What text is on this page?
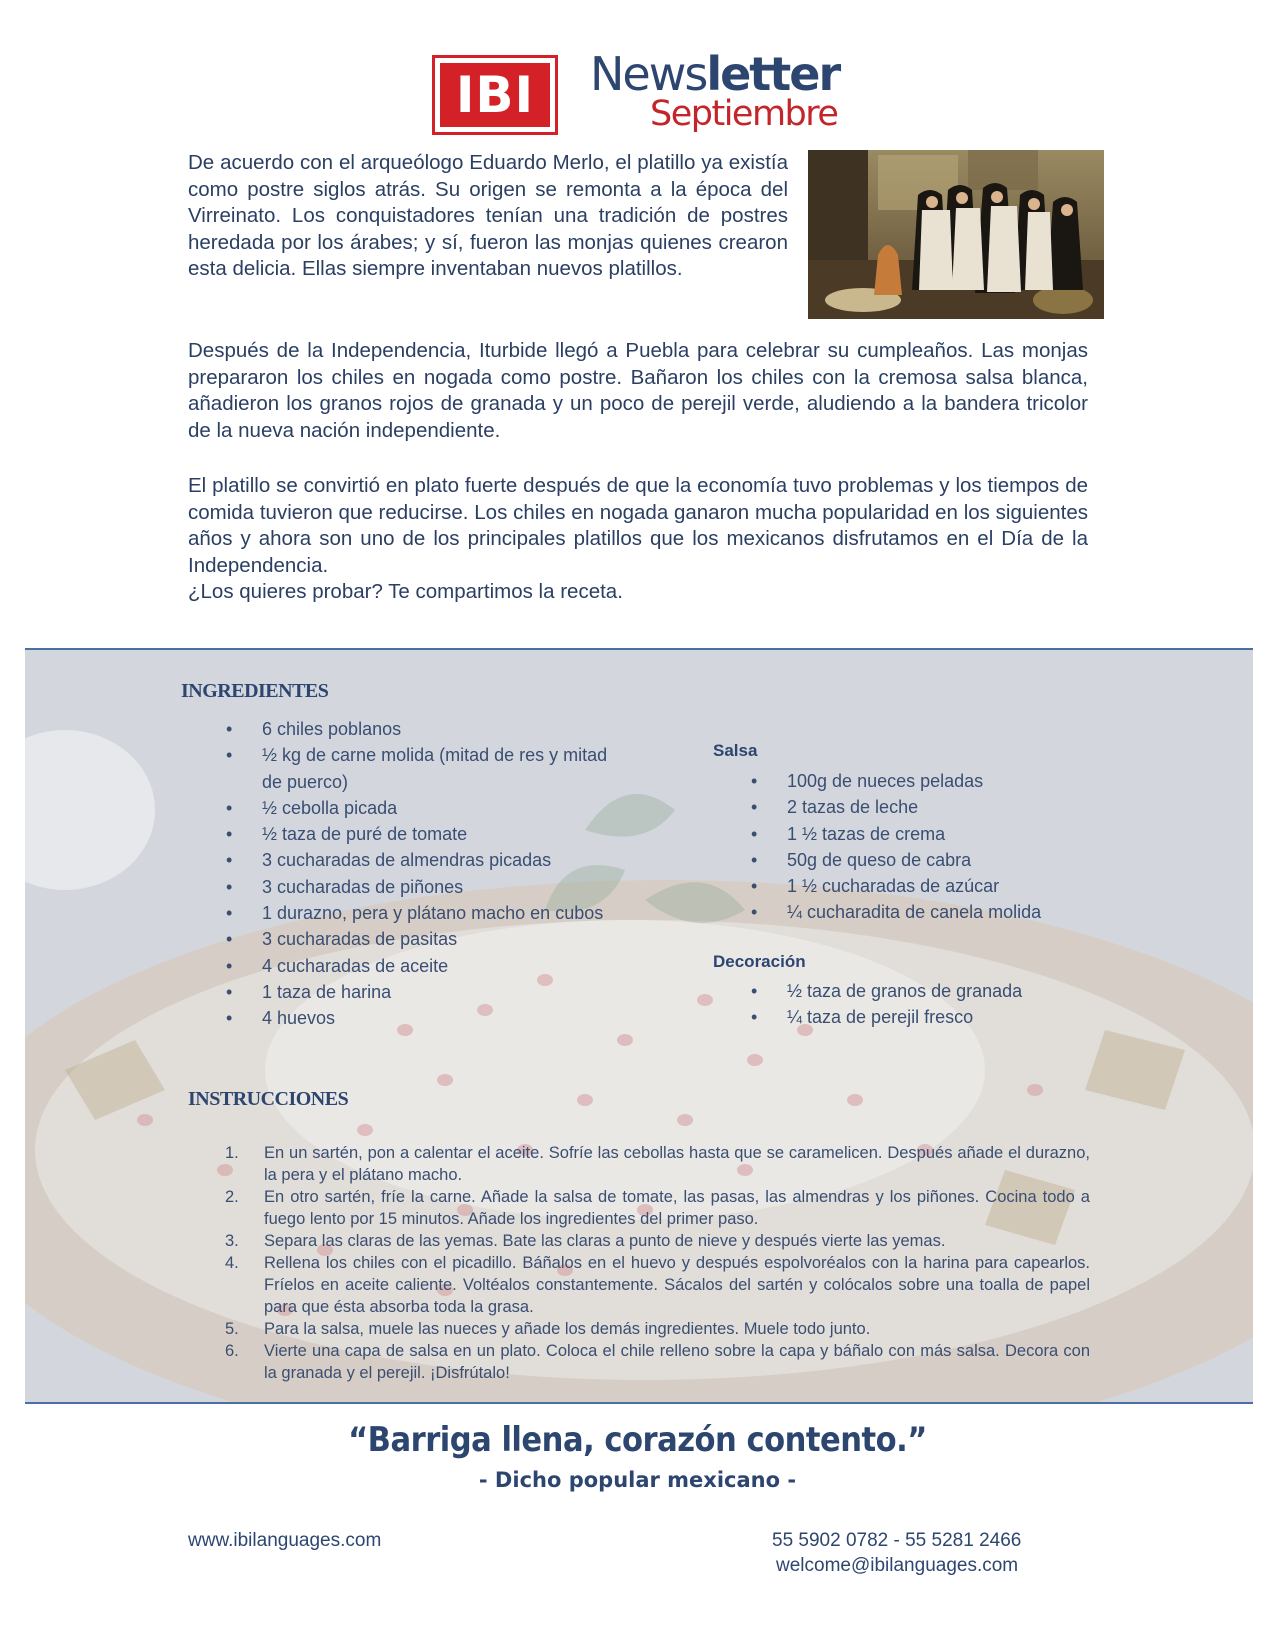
IBI	Newsletter
Septiembre

De acuerdo con el arqueólogo Eduardo Merlo, el platillo ya existía como postre siglos atrás. Su origen se remonta a la época del Virreinato. Los conquistadores tenían una tradición de postres heredada por los árabes; y sí, fueron las monjas quienes crearon esta delicia. Ellas siempre inventaban nuevos platillos.

Después de la Independencia, Iturbide llegó a Puebla para celebrar su cumpleaños. Las monjas prepararon los chiles en nogada como postre. Bañaron los chiles con la cremosa salsa blanca, añadieron los granos rojos de granada y un poco de perejil verde, aludiendo a la bandera tricolor de la nueva nación independiente.

El platillo se convirtió en plato fuerte después de que la economía tuvo problemas y los tiempos de comida tuvieron que reducirse. Los chiles en nogada ganaron mucha popularidad en los siguientes años y ahora son uno de los principales platillos que los mexicanos disfrutamos en el Día de la Independencia.

¿Los quieres probar? Te compartimos la receta.

INGREDIENTES
• 6 chiles poblanos
• ½ kg de carne molida (mitad de res y mitad de puerco)
• ½ cebolla picada
• ½ taza de puré de tomate
• 3 cucharadas de almendras picadas
• 3 cucharadas de piñones
• 1 durazno, pera y plátano macho en cubos
• 3 cucharadas de pasitas
• 4 cucharadas de aceite
• 1 taza de harina
• 4 huevos
Salsa
• 100g de nueces peladas
• 2 tazas de leche
• 1 ½ tazas de crema
• 50g de queso de cabra
• 1 ½ cucharadas de azúcar
• ¼ cucharadita de canela molida
Decoración
• ½ taza de granos de granada
• ¼ taza de perejil fresco
INSTRUCCIONES
1. En un sartén, pon a calentar el aceite. Sofríe las cebollas hasta que se caramelicen. Después añade el durazno, la pera y el plátano macho.
2. En otro sartén, fríe la carne. Añade la salsa de tomate, las pasas, las almendras y los piñones. Cocina todo a fuego lento por 15 minutos. Añade los ingredientes del primer paso.
3. Separa las claras de las yemas. Bate las claras a punto de nieve y después vierte las yemas.
4. Rellena los chiles con el picadillo. Báñalos en el huevo y después espolvoréalos con la harina para capearlos. Fríelos en aceite caliente. Voltéalos constantemente. Sácalos del sartén y colócalos sobre una toalla de papel para que ésta absorba toda la grasa.
5. Para la salsa, muele las nueces y añade los demás ingredientes. Muele todo junto.
6. Vierte una capa de salsa en un plato. Coloca el chile relleno sobre la capa y báñalo con más salsa. Decora con la granada y el perejil. ¡Disfrútalo!
“Barriga llena, corazón contento.”
- Dicho popular mexicano -
www.ibilanguages.com	55 5902 0782 - 55 5281 2466
welcome@ibilanguages.com
